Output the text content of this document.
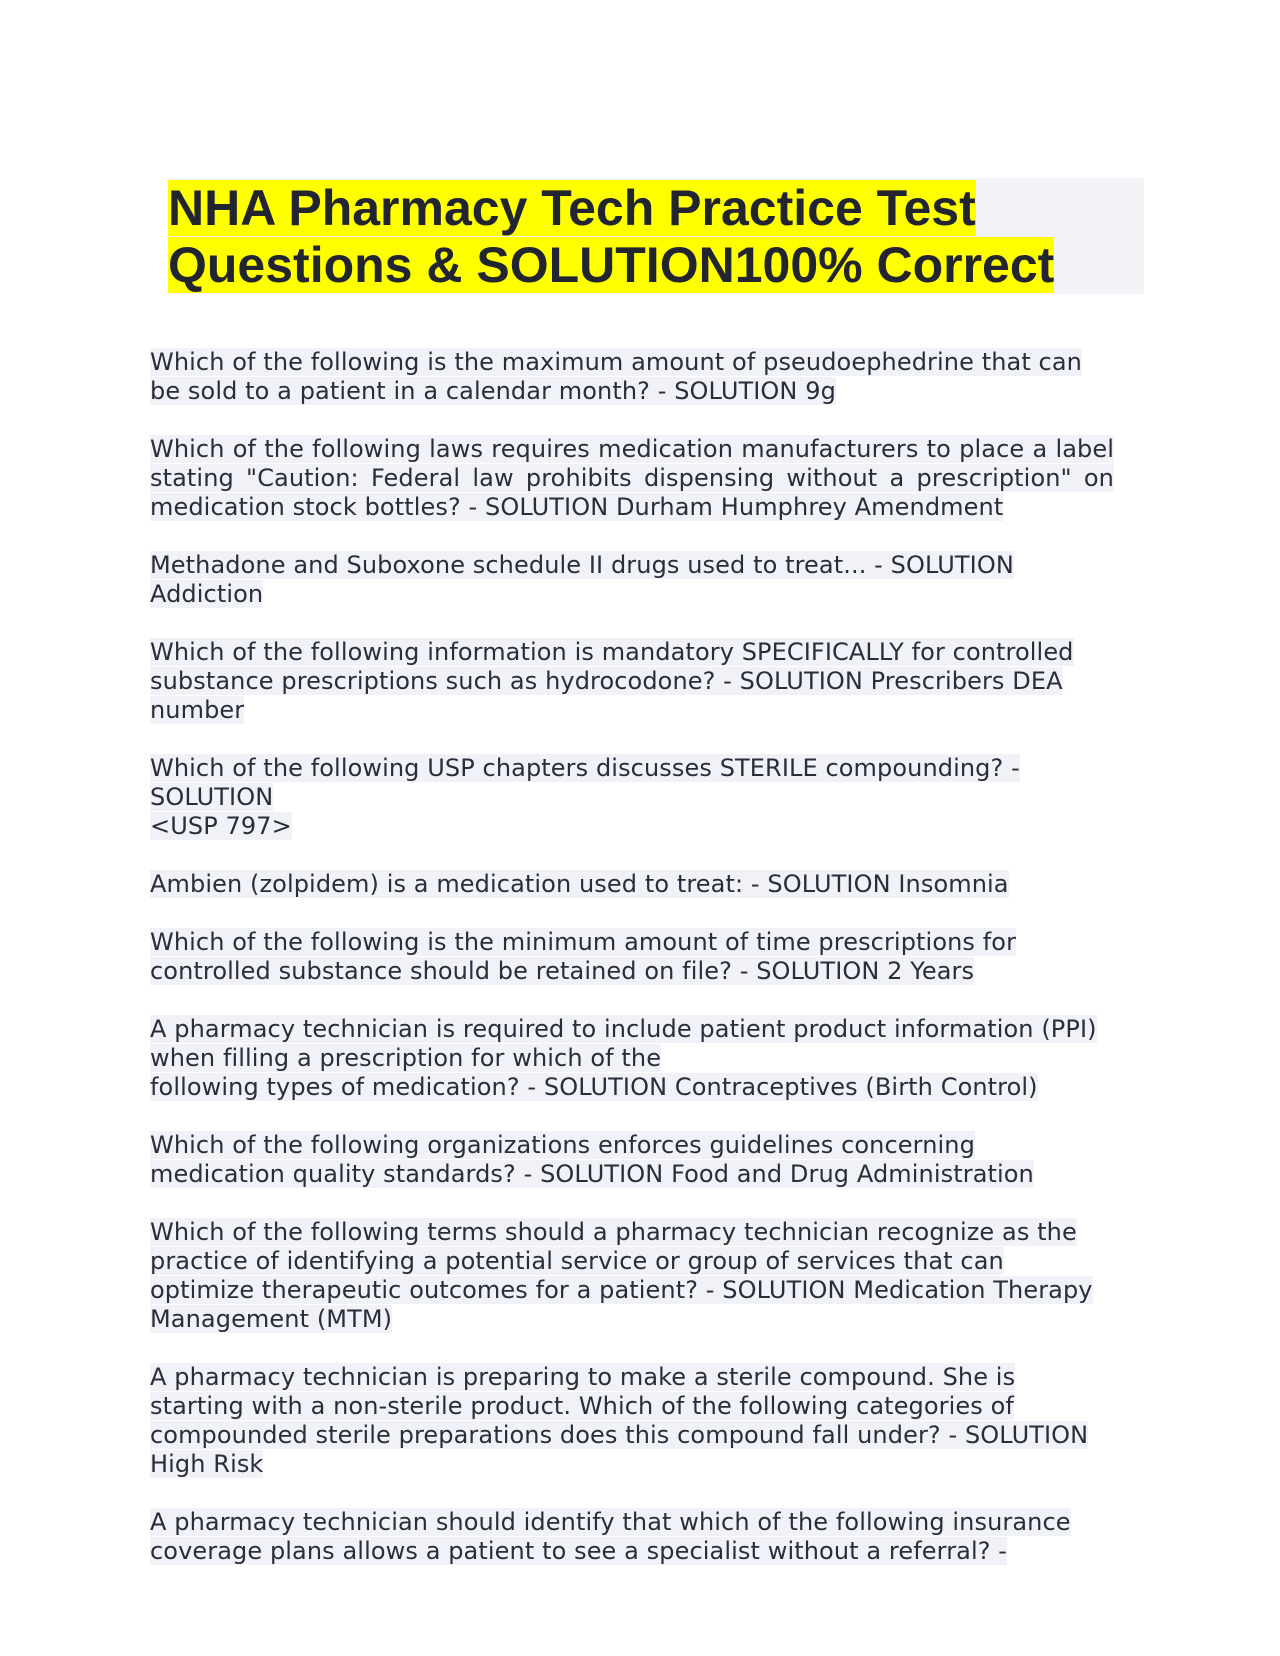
NHA Pharmacy Tech Practice Test Questions & SOLUTION100% Correct

Which of the following is the maximum amount of pseudoephedrine that can be sold to a patient in a calendar month? - SOLUTION 9g

Which of the following laws requires medication manufacturers to place a label stating "Caution: Federal law prohibits dispensing without a prescription" on medication stock bottles? - SOLUTION Durham Humphrey Amendment

Methadone and Suboxone schedule II drugs used to treat... - SOLUTION Addiction

Which of the following information is mandatory SPECIFICALLY for controlled substance prescriptions such as hydrocodone? - SOLUTION Prescribers DEA number

Which of the following USP chapters discusses STERILE compounding? - SOLUTION
<USP 797>

Ambien (zolpidem) is a medication used to treat: - SOLUTION Insomnia

Which of the following is the minimum amount of time prescriptions for controlled substance should be retained on file? - SOLUTION 2 Years

A pharmacy technician is required to include patient product information (PPI) when filling a prescription for which of the
following types of medication? - SOLUTION Contraceptives (Birth Control)

Which of the following organizations enforces guidelines concerning medication quality standards? - SOLUTION Food and Drug Administration

Which of the following terms should a pharmacy technician recognize as the practice of identifying a potential service or group of services that can optimize therapeutic outcomes for a patient? - SOLUTION Medication Therapy Management (MTM)

A pharmacy technician is preparing to make a sterile compound. She is starting with a non-sterile product. Which of the following categories of compounded sterile preparations does this compound fall under? - SOLUTION High Risk

A pharmacy technician should identify that which of the following insurance coverage plans allows a patient to see a specialist without a referral? -
